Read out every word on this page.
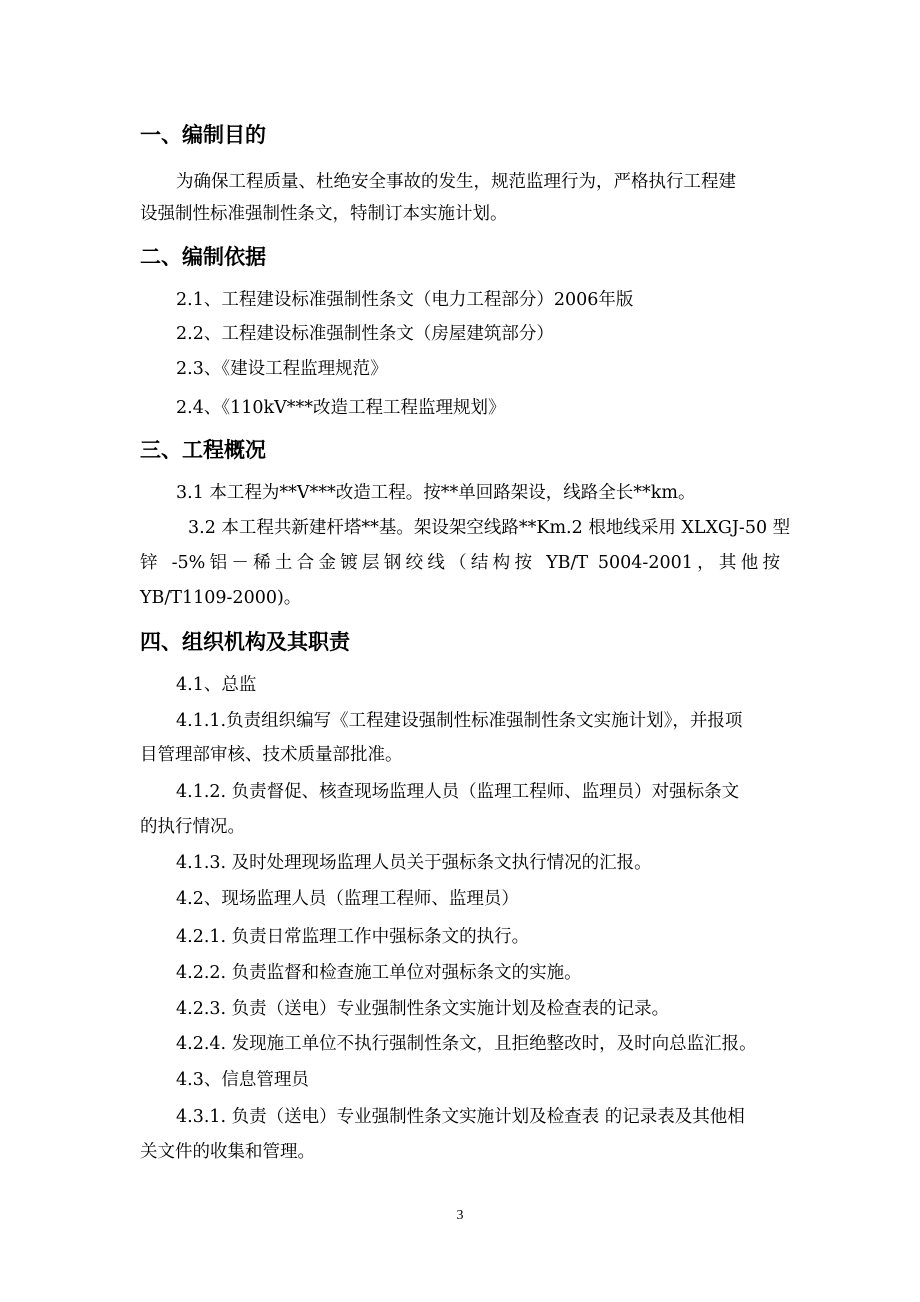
一、编制目的

为确保工程质量、杜绝安全事故的发生，规范监理行为，严格执行工程建

设强制性标准强制性条文，特制订本实施计划。

二、编制依据

2.1、工程建设标准强制性条文（电力工程部分）2006年版

2.2、工程建设标准强制性条文（房屋建筑部分）

2.3、《建设工程监理规范》

2.4、《110kV***改造工程工程监理规划》

三、工程概况

3.1 本工程为**V***改造工程。按**单回路架设，线路全长**km。

3.2 本工程共新建杆塔**基。架设架空线路**Km.2 根地线采用 XLXGJ-50 型

锌 -5%铝－稀土合金镀层钢绞线（结构按 YB/T 5004-2001，其他按

YB/T1109-2000)。

四、组织机构及其职责

4.1、总监

4.1.1.负责组织编写《工程建设强制性标准强制性条文实施计划》，并报项

目管理部审核、技术质量部批准。

4.1.2. 负责督促、核查现场监理人员（监理工程师、监理员）对强标条文

的执行情况。

4.1.3. 及时处理现场监理人员关于强标条文执行情况的汇报。

4.2、现场监理人员（监理工程师、监理员）

4.2.1. 负责日常监理工作中强标条文的执行。

4.2.2. 负责监督和检查施工单位对强标条文的实施。

4.2.3. 负责（送电）专业强制性条文实施计划及检查表的记录。

4.2.4. 发现施工单位不执行强制性条文，且拒绝整改时，及时向总监汇报。

4.3、信息管理员

4.3.1. 负责（送电）专业强制性条文实施计划及检查表 的记录表及其他相

关文件的收集和管理。

3
